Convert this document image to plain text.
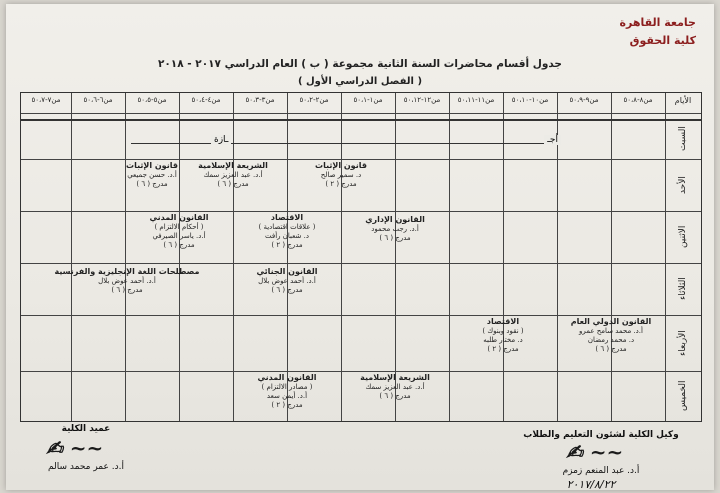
جامعة القاهرة
كلية الحقوق
جدول أقسام محاضرات السنة الثانية مجموعة ( ب ) العام الدراسي ٢٠١٧ - ٢٠١٨
( الفصل الدراسي الأول )
الأيام
من٨-٥٠،٨
من٩-٥٠،٩
من١٠-٥٠،١٠
من١١-٥٠،١١
من١٢-٥٠،١٢
من١-٥٠،١
من٢-٥٠،٢
من٣-٥٠،٣
من٤-٥٠،٤
من٥-٥٠،٥
من٦-٥٠،٦
من٧-٥٠،٧
السبت
الأحد
الاثنين
الثلاثاء
الأربعاء
الخميس
أجـ
ـازة
قانون الإثبات
د. سمير صالح
مدرج ( ٢ )
الشريعة الإسلامية
أ.د. عبد العزيز سمك
مدرج ( ٦ )
قانون الإثبات
أ.د. حسن جميعي
مدرج ( ٦ )
القانون الإداري
أ.د. رجب محمود
مدرج ( ٦ )
الاقتصاد
( علاقات اقتصادية )
د. شعبان رأفت
مدرج ( ٢ )
القانون المدني
( أحكام الالتزام )
أ.د. ياسر الصيرفي
مدرج ( ٦ )
القانون الجنائي
أ.د. أحمد عوض بلال
مدرج ( ٦ )
مصطلحات اللغة الإنجليزية والفرنسية
أ.د. أحمد عوض بلال
مدرج ( ٦ )
القانون الدولي العام
أ.د. محمد سامح عمرو
د. محمد رمضان
مدرج ( ٦ )
الاقتصاد
( نقود وبنوك )
د. مختار طلبه
مدرج ( ٢ )
الشريعة الإسلامية
أ.د. عبد العزيز سمك
مدرج ( ٦ )
القانون المدني
( مصادر الالتزام )
أ.د. أيمن سعد
مدرج ( ٢ )
عميد الكلية
✍︎ ~~
أ.د. عمر محمد سالم
وكيل الكلية لشئون التعليم والطلاب
✍︎ ~~
أ.د. عبد المنعم زمزم
٢٠١٧/٨/٢٢
